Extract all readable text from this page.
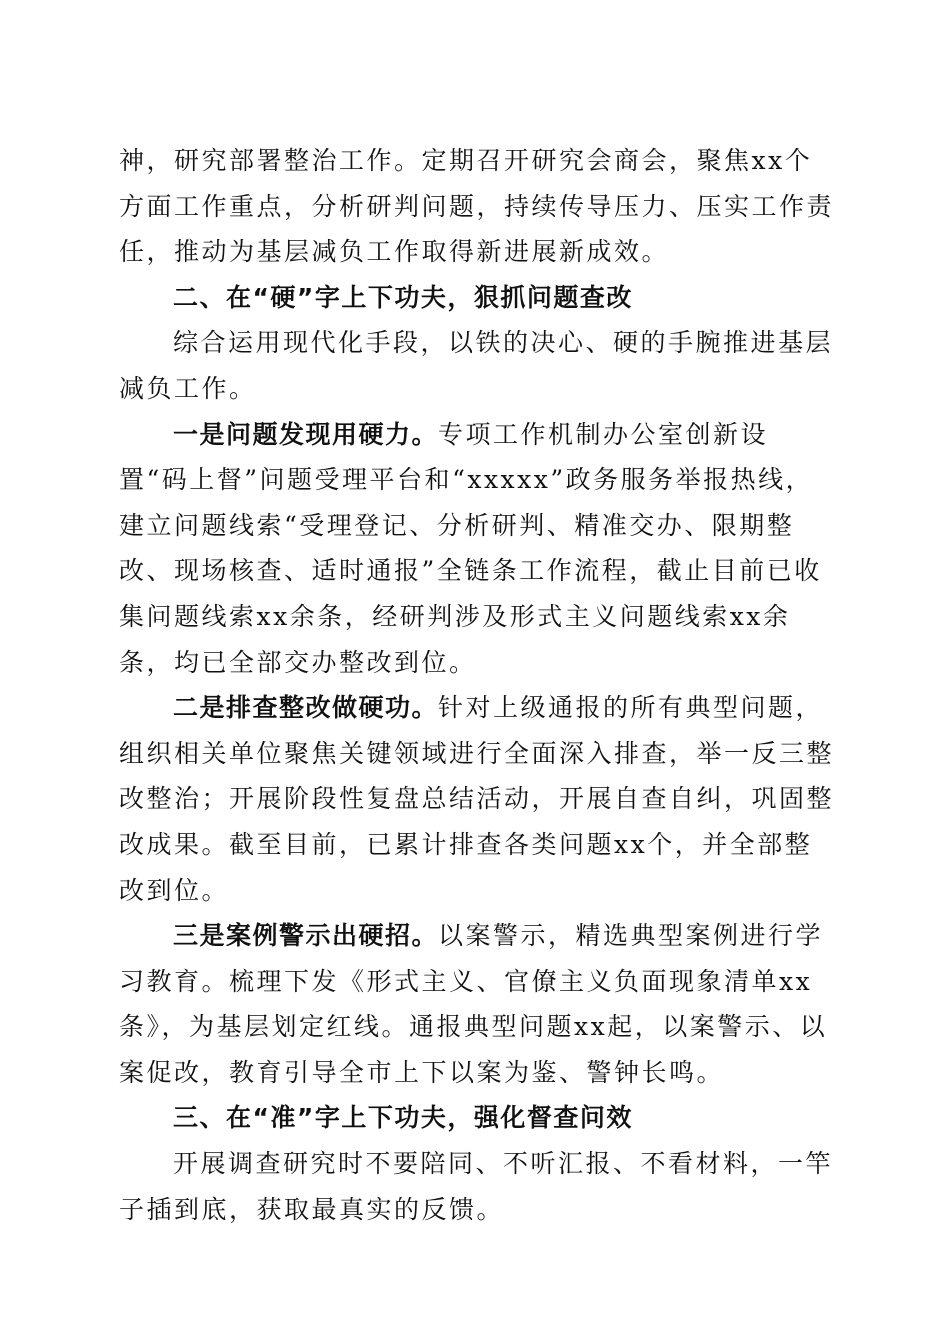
神，研究部署整治工作。定期召开研究会商会，聚焦xx个方面工作重点，分析研判问题，持续传导压力、压实工作责任，推动为基层减负工作取得新进展新成效。

二、在“硬”字上下功夫，狠抓问题查改

综合运用现代化手段，以铁的决心、硬的手腕推进基层减负工作。

一是问题发现用硬力。专项工作机制办公室创新设置“码上督”问题受理平台和“xxxxx”政务服务举报热线，建立问题线索“受理登记、分析研判、精准交办、限期整改、现场核查、适时通报”全链条工作流程，截止目前已收集问题线索xx余条，经研判涉及形式主义问题线索xx余条，均已全部交办整改到位。

二是排查整改做硬功。针对上级通报的所有典型问题，组织相关单位聚焦关键领域进行全面深入排查，举一反三整改整治；开展阶段性复盘总结活动，开展自查自纠，巩固整改成果。截至目前，已累计排查各类问题xx个，并全部整改到位。

三是案例警示出硬招。以案警示，精选典型案例进行学习教育。梳理下发《形式主义、官僚主义负面现象清单xx条》，为基层划定红线。通报典型问题xx起，以案警示、以案促改，教育引导全市上下以案为鉴、警钟长鸣。

三、在“准”字上下功夫，强化督查问效

开展调查研究时不要陪同、不听汇报、不看材料，一竿子插到底，获取最真实的反馈。
